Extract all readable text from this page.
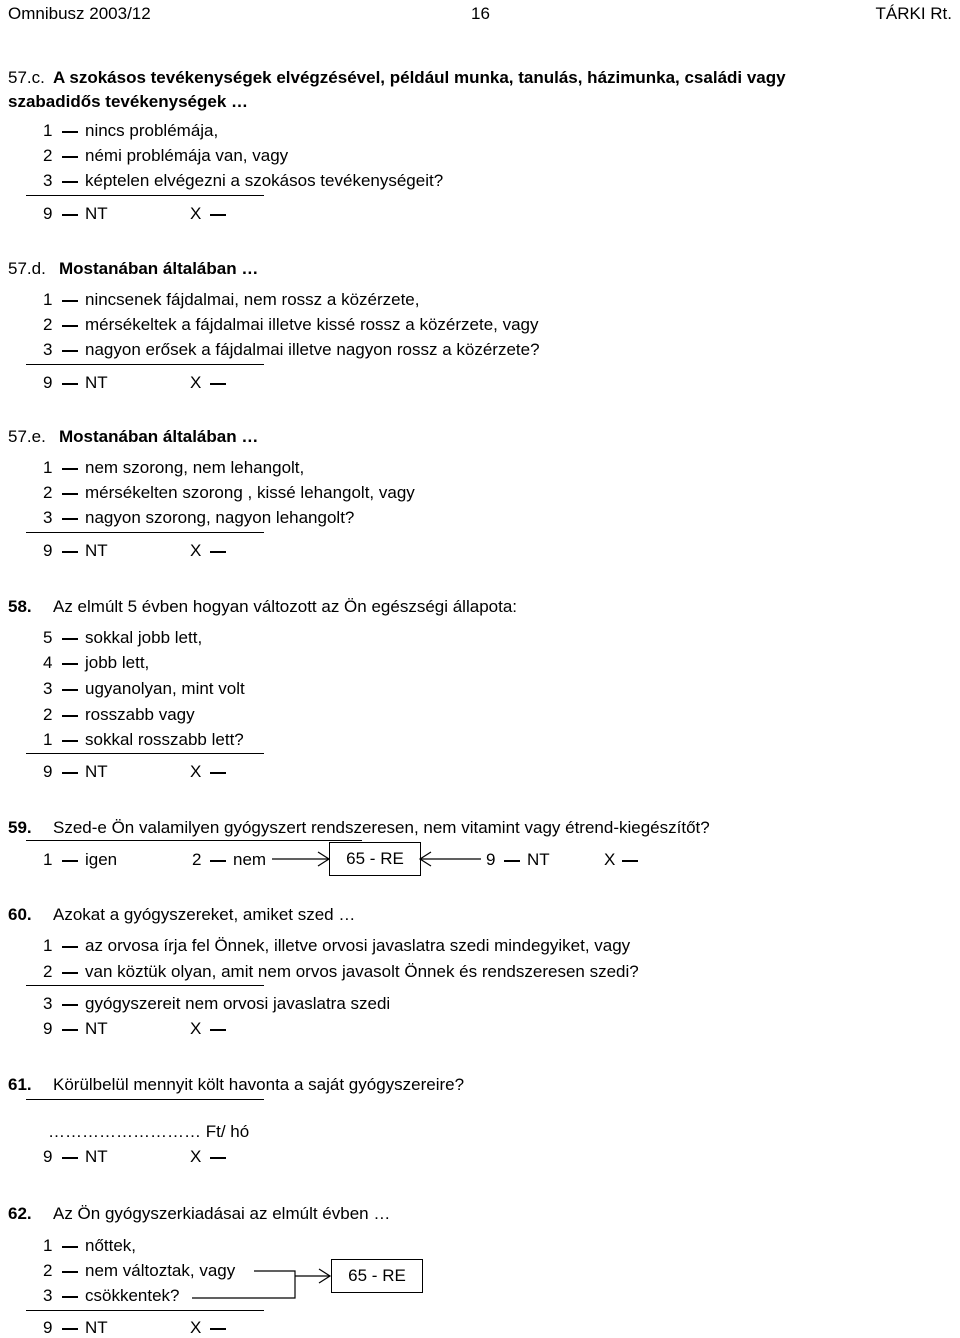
Omnibusz 2003/12	16	TÁRKI Rt.
57.c. A szokásos tevékenységek elvégzésével, például munka, tanulás, házimunka, családi vagy
szabadidős tevékenységek …
1 nincs problémája,
2 némi problémája van, vagy
3 képtelen elvégezni a szokásos tevékenységeit?
9 NT	X
57.d. Mostanában általában …
1 nincsenek fájdalmai, nem rossz a közérzete,
2 mérsékeltek a fájdalmai illetve kissé rossz a közérzete, vagy
3 nagyon erősek a fájdalmai illetve nagyon rossz a közérzete?
9 NT	X
57.e. Mostanában általában …
1 nem szorong, nem lehangolt,
2 mérsékelten szorong , kissé lehangolt, vagy
3 nagyon szorong, nagyon lehangolt?
9 NT	X
58. Az elmúlt 5 évben hogyan változott az Ön egészségi állapota:
5 sokkal jobb lett,
4 jobb lett,
3 ugyanolyan, mint volt
2 rosszabb vagy
1 sokkal rosszabb lett?
9 NT	X
59. Szed-e Ön valamilyen gyógyszert rendszeresen, nem vitamint vagy étrend-kiegészítőt?
1 igen	2 nem	65 - RE	9 NT	X
60. Azokat a gyógyszereket, amiket szed …
1 az orvosa írja fel Önnek, illetve orvosi javaslatra szedi mindegyiket, vagy
2 van köztük olyan, amit nem orvos javasolt Önnek és rendszeresen szedi?
3 gyógyszereit nem orvosi javaslatra szedi
9 NT	X
61. Körülbelül mennyit költ havonta a saját gyógyszereire?
……………………… Ft/ hó
9 NT	X
62. Az Ön gyógyszerkiadásai az elmúlt évben …
1 nőttek,
2 nem változtak, vagy
3 csökkentek?
65 - RE
9 NT	X
